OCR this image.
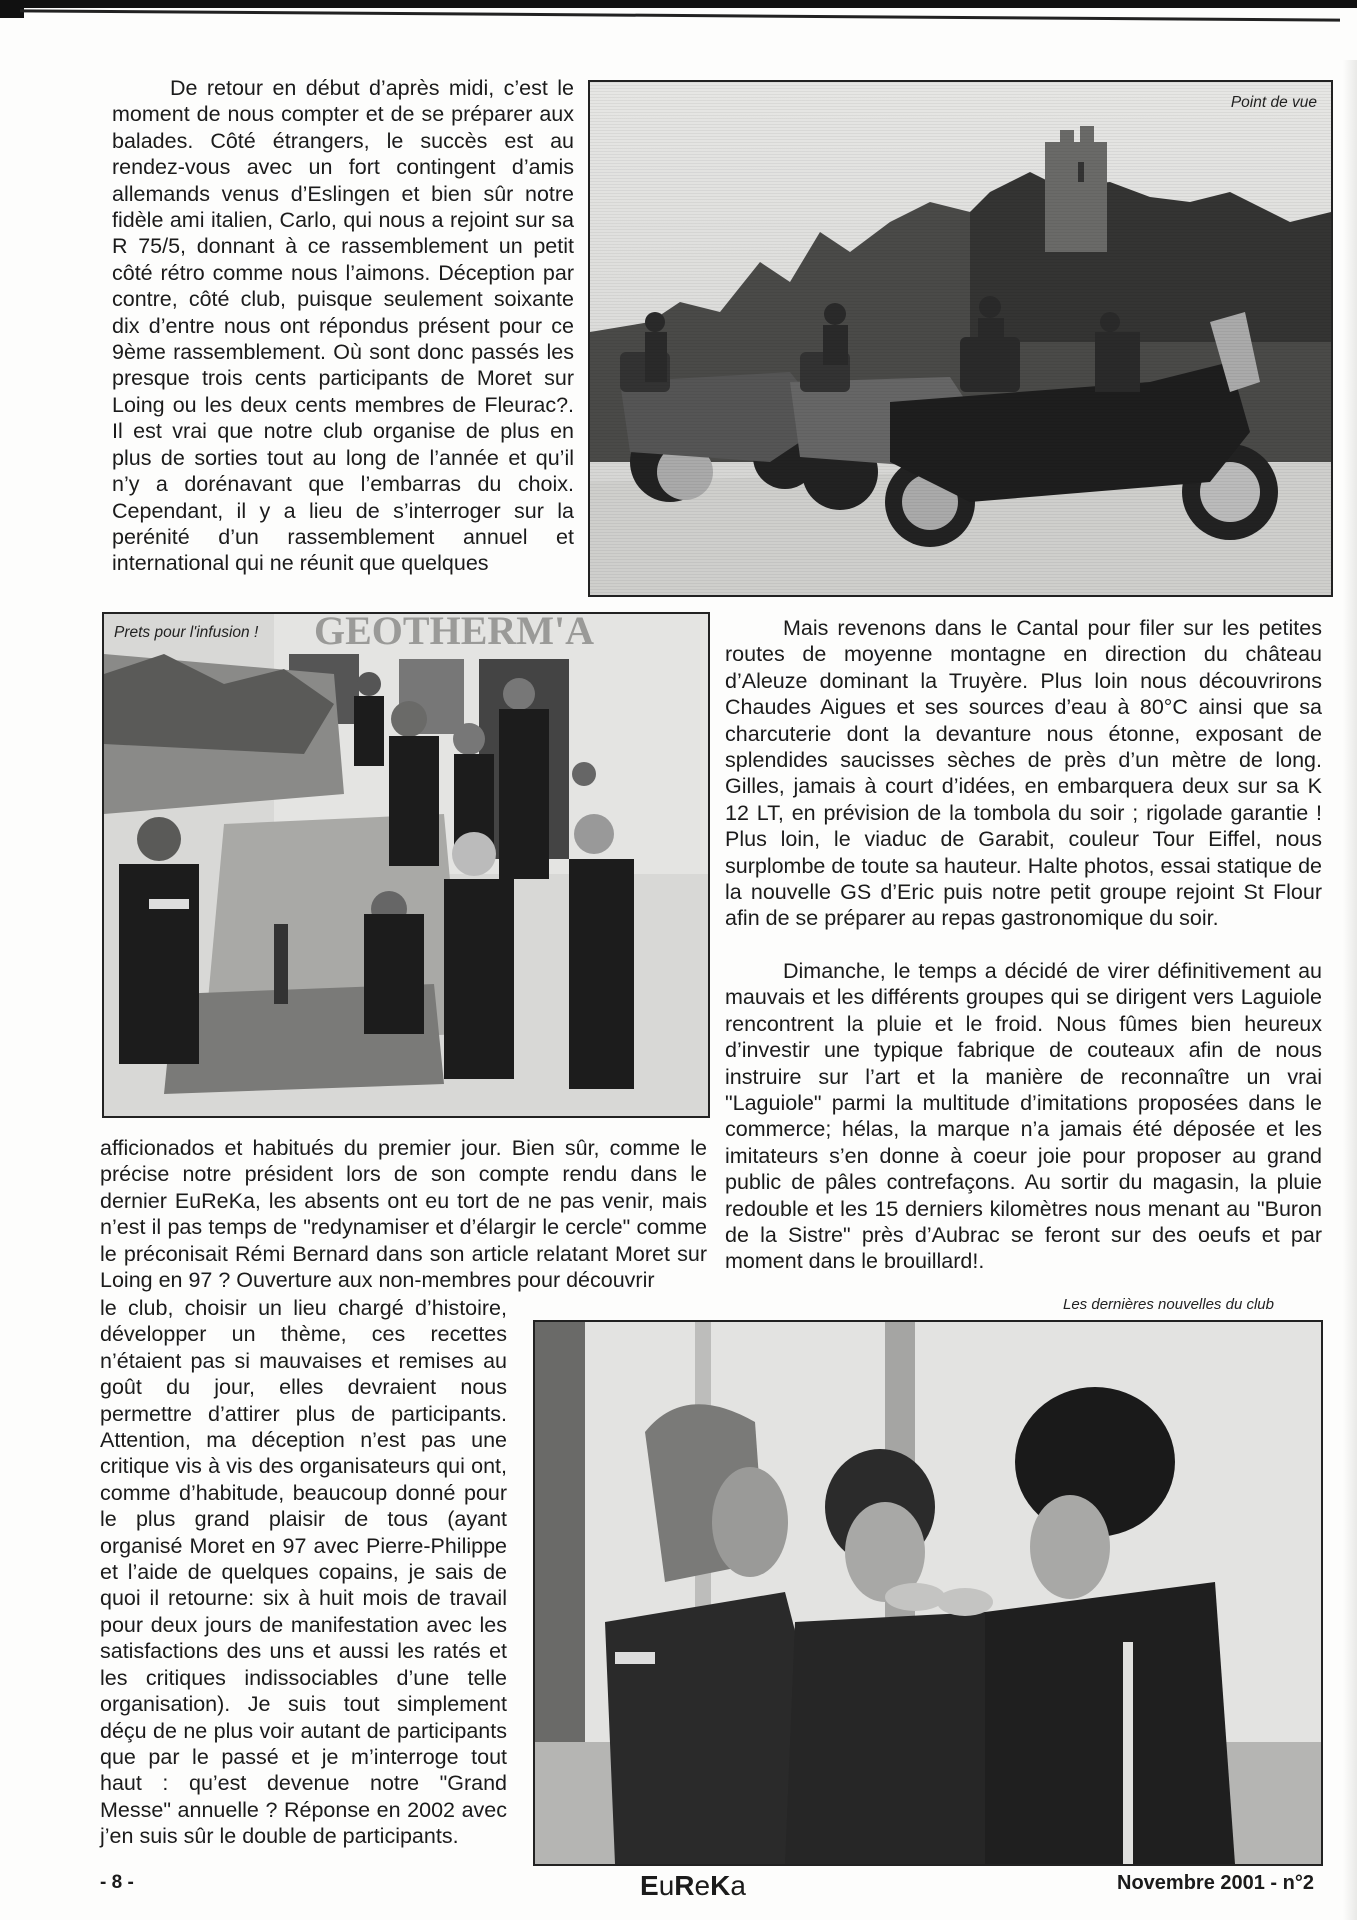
De retour en début d’après midi, c’est le moment de nous compter et de se préparer aux balades. Côté étrangers, le succès est au rendez-vous avec un fort contingent d’amis allemands venus d’Eslingen et bien sûr notre fidèle ami italien, Carlo, qui nous a rejoint sur sa R 75/5, donnant à ce rassemblement un petit côté rétro comme nous l’aimons. Déception par contre, côté club, puisque seulement soixante dix d’entre nous ont répondus présent pour ce 9ème rassemblement. Où sont donc passés les presque trois cents participants de Moret sur Loing ou les deux cents membres de Fleurac?. Il est vrai que notre club organise de plus en plus de sorties tout au long de l’année et qu’il n’y a dorénavant que l’embarras du choix. Cependant, il y a lieu de s’interroger sur la perénité d’un rassemblement annuel et international qui ne réunit que quelques

Point de vue
GEOTHERM'A
Prets pour l'infusion !	Mais revenons dans le Cantal pour filer sur les petites routes de moyenne montagne en direction du château d’Aleuze dominant la Truyère. Plus loin nous découvrirons Chaudes Aigues et ses sources d’eau à 80°C ainsi que sa charcuterie dont la devanture nous étonne, exposant de splendides saucisses sèches de près d’un mètre de long. Gilles, jamais à court d’idées, en embarquera deux sur sa K 12 LT, en prévision de la tombola du soir ; rigolade garantie ! Plus loin, le viaduc de Garabit, couleur Tour Eiffel, nous surplombe de toute sa hauteur. Halte photos, essai statique de la nouvelle GS d’Eric puis notre petit groupe rejoint St Flour afin de se préparer au repas gastronomique du soir.

Dimanche, le temps a décidé de virer définitivement au mauvais et les différents groupes qui se dirigent vers Laguiole rencontrent la pluie et le froid. Nous fûmes bien heureux d’investir une typique fabrique de couteaux afin de nous instruire sur l’art et la manière de reconnaître un vrai "Laguiole" parmi la multitude d’imitations proposées dans le commerce; hélas, la marque n’a jamais été déposée et les imitateurs s’en donne à coeur joie pour proposer au grand public de pâles contrefaçons. Au sortir du magasin, la pluie redouble et les 15 derniers kilomètres nous menant au "Buron de la Sistre" près d’Aubrac se feront sur des oeufs et par moment dans le brouillard!.

afficionados et habitués du premier jour. Bien sûr, comme le précise notre président lors de son compte rendu dans le dernier EuReKa, les absents ont eu tort de ne pas venir, mais n’est il pas temps de "redynamiser et d’élargir le cercle" comme le préconisait Rémi Bernard dans son article relatant Moret sur Loing en 97 ? Ouverture aux non-membres pour découvrir

le club, choisir un lieu chargé d’histoire, développer un thème, ces recettes n’étaient pas si mauvaises et remises au goût du jour, elles devraient nous permettre d’attirer plus de participants. Attention, ma déception n’est pas une critique vis à vis des organisateurs qui ont, comme d’habitude, beaucoup donné pour le plus grand plaisir de tous (ayant organisé Moret en 97 avec Pierre-Philippe et l’aide de quelques copains, je sais de quoi il retourne: six à huit mois de travail pour deux jours de manifestation avec les satisfactions des uns et aussi les ratés et les critiques indissociables d’une telle organisation). Je suis tout simplement déçu de ne plus voir autant de participants que par le passé et je m’interroge tout haut : qu’est devenue notre "Grand Messe" annuelle ? Réponse en 2002 avec j’en suis sûr le double de participants.

Les dernières nouvelles du club
- 8 -	EuReKa	Novembre 2001 - n°2
